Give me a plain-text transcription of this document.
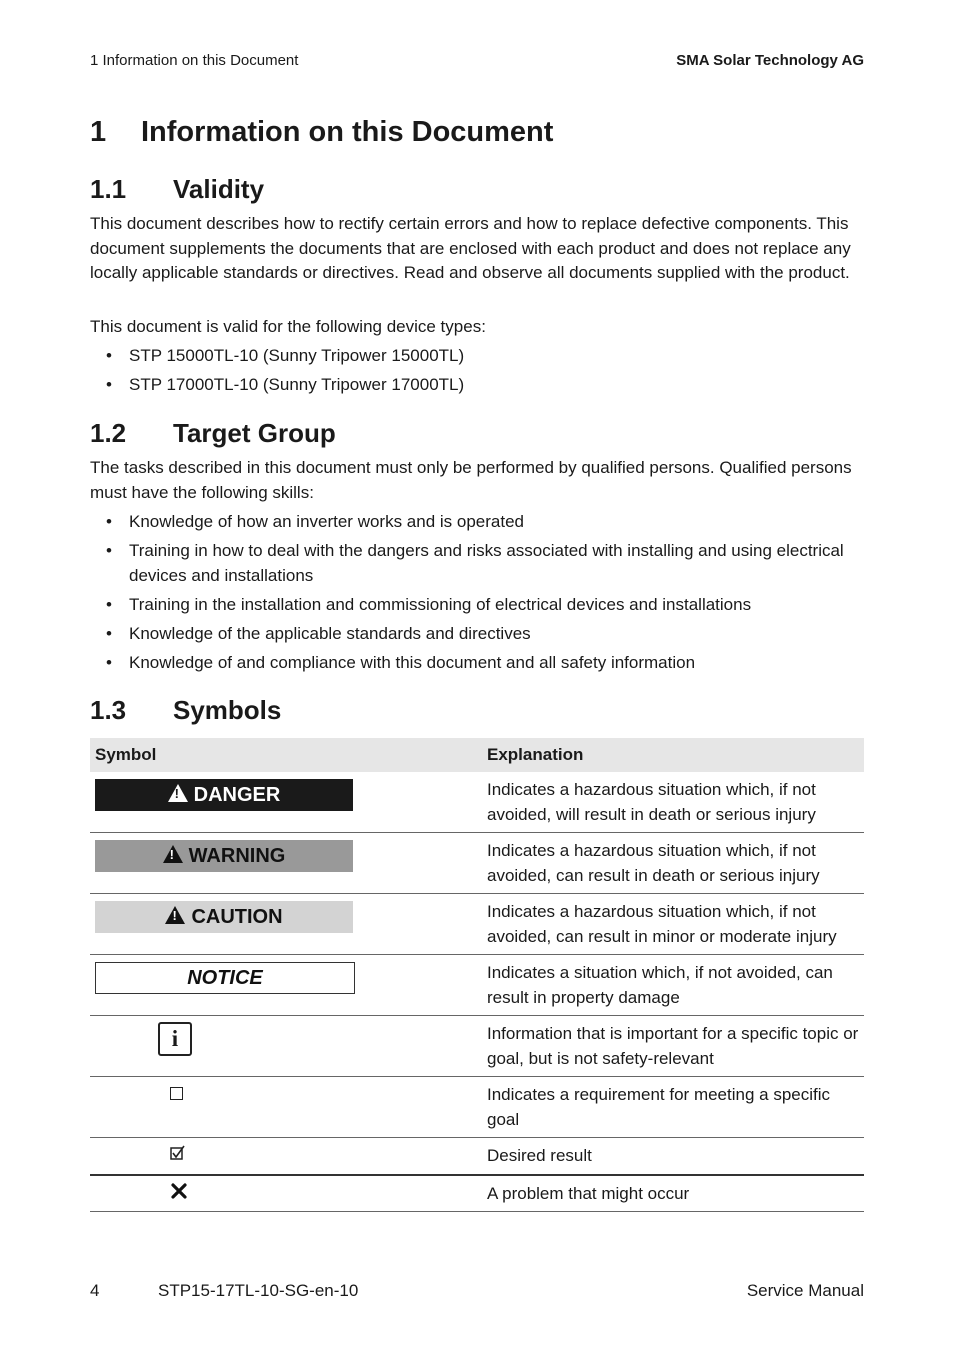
1 Information on this Document	SMA Solar Technology AG
1 Information on this Document
1.1 Validity

This document describes how to rectify certain errors and how to replace defective components. This document supplements the documents that are enclosed with each product and does not replace any locally applicable standards or directives. Read and observe all documents supplied with the product.

This document is valid for the following device types:

• STP 15000TL-10 (Sunny Tripower 15000TL)
• STP 17000TL-10 (Sunny Tripower 17000TL)
1.2 Target Group

The tasks described in this document must only be performed by qualified persons. Qualified persons must have the following skills:

• Knowledge of how an inverter works and is operated
• Training in how to deal with the dangers and risks associated with installing and using electrical devices and installations
• Training in the installation and commissioning of electrical devices and installations
• Knowledge of the applicable standards and directives
• Knowledge of and compliance with this document and all safety information
1.3 Symbols
Symbol	Explanation

! DANGER	Indicates a hazardous situation which, if not avoided, will result in death or serious injury

! WARNING	Indicates a hazardous situation which, if not avoided, can result in death or serious injury

! CAUTION	Indicates a hazardous situation which, if not avoided, can result in minor or moderate injury

NOTICE	Indicates a situation which, if not avoided, can result in property damage
i	Information that is important for a specific topic or goal, but is not safety-relevant
	Indicates a requirement for meeting a specific goal
	Desired result
	A problem that might occur
4	STP15-17TL-10-SG-en-10	Service Manual
